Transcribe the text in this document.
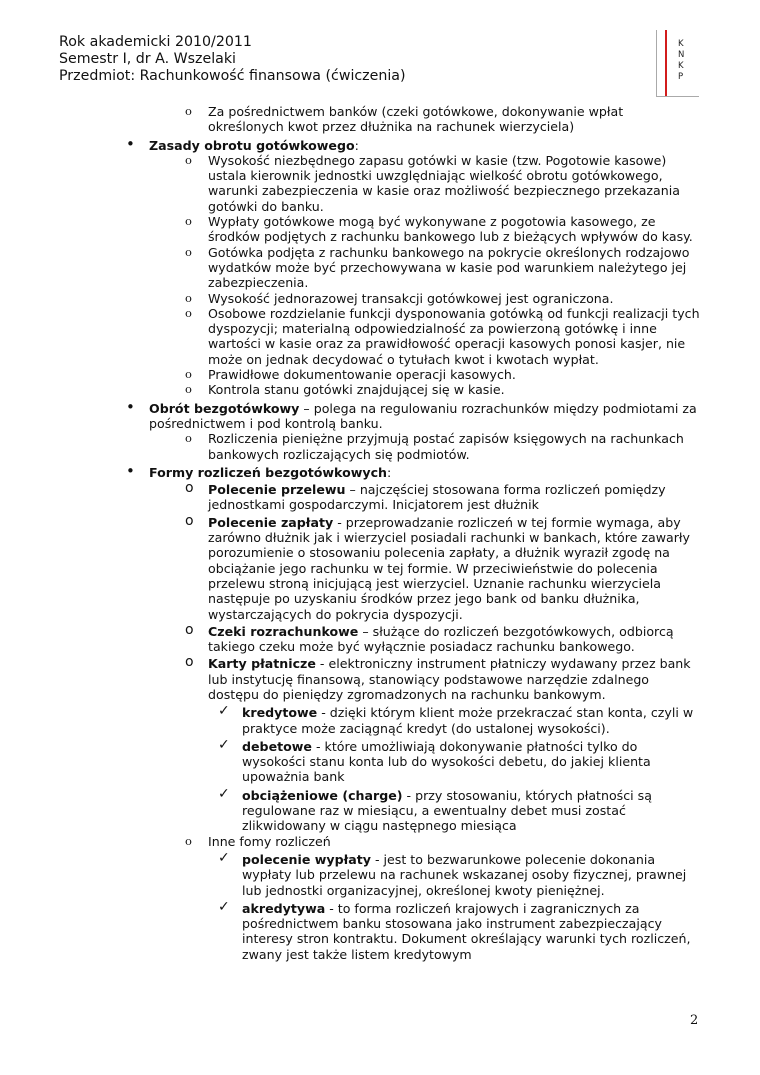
Rok akademicki 2010/2011
Semestr I, dr A. Wszelaki
Przedmiot: Rachunkowość finansowa (ćwiczenia)
K
N
K
P
o Za pośrednictwem banków (czeki gotówkowe, dokonywanie wpłat określonych kwot przez dłużnika na rachunek wierzyciela)
• Zasady obrotu gotówkowego:
o Wysokość niezbędnego zapasu gotówki w kasie (tzw. Pogotowie kasowe) ustala kierownik jednostki uwzględniając wielkość obrotu gotówkowego, warunki zabezpieczenia w kasie oraz możliwość bezpiecznego przekazania gotówki do banku.
o Wypłaty gotówkowe mogą być wykonywane z pogotowia kasowego, ze środków podjętych z rachunku bankowego lub z bieżących wpływów do kasy.
o Gotówka podjęta z rachunku bankowego na pokrycie określonych rodzajowo wydatków może być przechowywana w kasie pod warunkiem należytego jej zabezpieczenia.
o Wysokość jednorazowej transakcji gotówkowej jest ograniczona.
o Osobowe rozdzielanie funkcji dysponowania gotówką od funkcji realizacji tych dyspozycji; materialną odpowiedzialność za powierzoną gotówkę i inne wartości w kasie oraz za prawidłowość operacji kasowych ponosi kasjer, nie może on jednak decydować o tytułach kwot i kwotach wypłat.
o Prawidłowe dokumentowanie operacji kasowych.
o Kontrola stanu gotówki znajdującej się w kasie.
• Obrót bezgotówkowy – polega na regulowaniu rozrachunków między podmiotami za pośrednictwem i pod kontrolą banku.
o Rozliczenia pieniężne przyjmują postać zapisów księgowych na rachunkach bankowych rozliczających się podmiotów.
• Formy rozliczeń bezgotówkowych:
o Polecenie przelewu – najczęściej stosowana forma rozliczeń pomiędzy jednostkami gospodarczymi. Inicjatorem jest dłużnik
o Polecenie zapłaty - przeprowadzanie rozliczeń w tej formie wymaga, aby zarówno dłużnik jak i wierzyciel posiadali rachunki w bankach, które zawarły porozumienie o stosowaniu polecenia zapłaty, a dłużnik wyraził zgodę na obciążanie jego rachunku w tej formie. W przeciwieństwie do polecenia przelewu stroną inicjującą jest wierzyciel. Uznanie rachunku wierzyciela następuje po uzyskaniu środków przez jego bank od banku dłużnika, wystarczających do pokrycia dyspozycji.
o Czeki rozrachunkowe – służące do rozliczeń bezgotówkowych, odbiorcą takiego czeku może być wyłącznie posiadacz rachunku bankowego.
o Karty płatnicze - elektroniczny instrument płatniczy wydawany przez bank lub instytucję finansową, stanowiący podstawowe narzędzie zdalnego dostępu do pieniędzy zgromadzonych na rachunku bankowym.
✓ kredytowe - dzięki którym klient może przekraczać stan konta, czyli w praktyce może zaciągnąć kredyt (do ustalonej wysokości).
✓ debetowe - które umożliwiają dokonywanie płatności tylko do wysokości stanu konta lub do wysokości debetu, do jakiej klienta upoważnia bank
✓ obciążeniowe (charge) - przy stosowaniu, których płatności są regulowane raz w miesiącu, a ewentualny debet musi zostać zlikwidowany w ciągu następnego miesiąca
o Inne fomy rozliczeń
✓ polecenie wypłaty - jest to bezwarunkowe polecenie dokonania wypłaty lub przelewu na rachunek wskazanej osoby fizycznej, prawnej lub jednostki organizacyjnej, określonej kwoty pieniężnej.
✓ akredytywa - to forma rozliczeń krajowych i zagranicznych za pośrednictwem banku stosowana jako instrument zabezpieczający interesy stron kontraktu. Dokument określający warunki tych rozliczeń, zwany jest także listem kredytowym
2
